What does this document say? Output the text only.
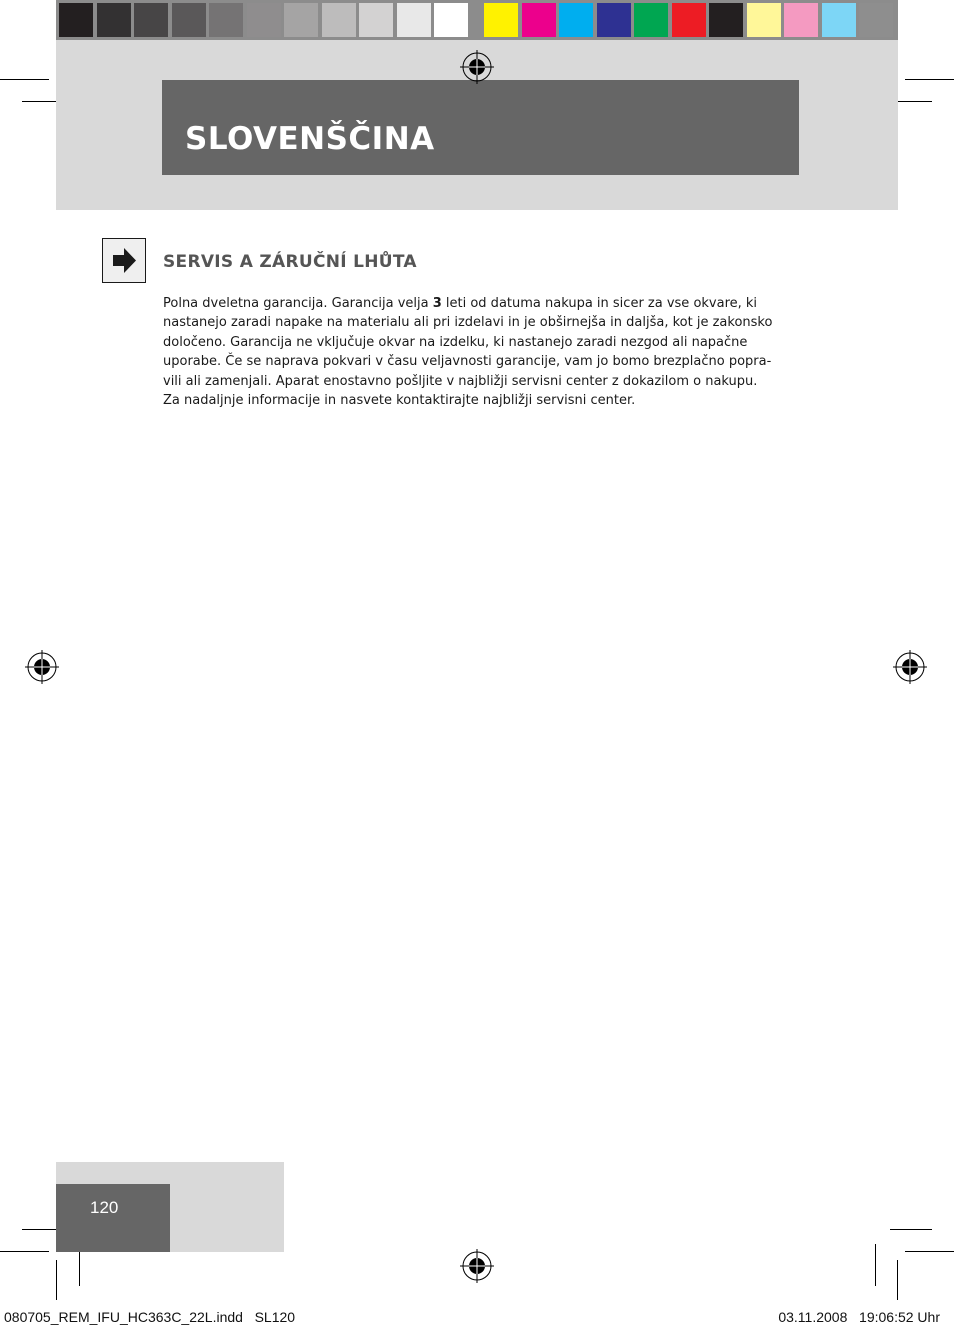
SLOVENŠČINA
SERVIS A ZÁRUČNÍ LHŮTA

Polna dveletna garancija. Garancija velja 3 leti od datuma nakupa in sicer za vse okvare, ki
nastanejo zaradi napake na materialu ali pri izdelavi in je obširnejša in daljša, kot je zakonsko
določeno. Garancija ne vključuje okvar na izdelku, ki nastanejo zaradi nezgod ali napačne
uporabe. Če se naprava pokvari v času veljavnosti garancije, vam jo bomo brezplačno popra-
vili ali zamenjali. Aparat enostavno pošljite v najbližji servisni center z dokazilom o nakupu.
Za nadaljnje informacije in nasvete kontaktirajte najbližji servisni center.

120
080705_REM_IFU_HC363C_22L.indd   SL120	03.11.2008   19:06:52 Uhr
